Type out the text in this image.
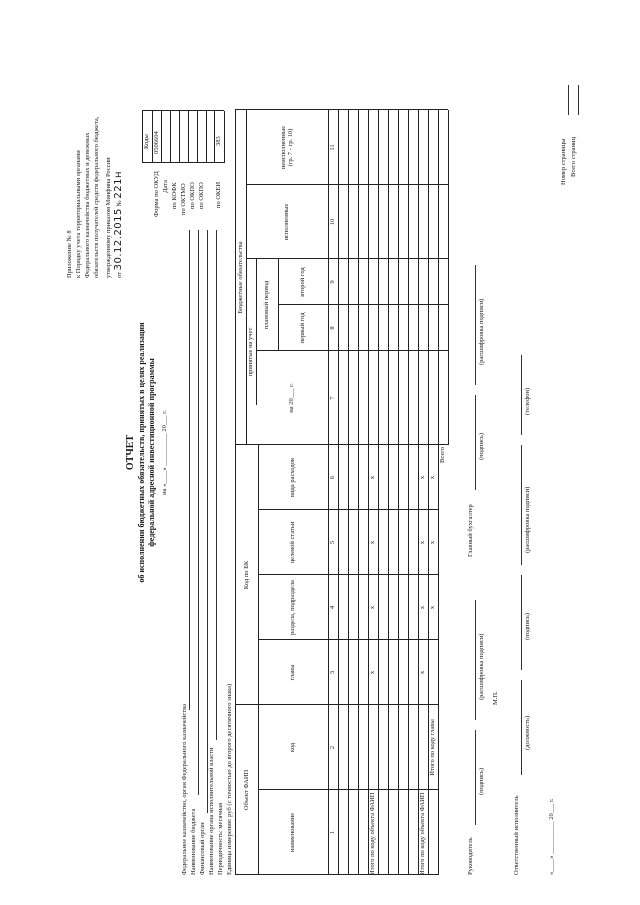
Приложение № 8 к Порядку учета территориальными органами Федерального казначейства бюджетных и денежных обязательств получателей средств федерального бюджета, утвержденному приказом Минфина России от 30.12.2015 № 221н
ОТЧЕТ об исполнении бюджетных обязательств, принятых в целях реализации федеральной адресной инвестиционной программы на «____» __________ 20___ г.
Коды
Форма по ОКУД
0506604
Дата по КОФК по ОКТМО по ОКПО по ОКПО по ОКЕИ
383
Федеральное казначейство, орган Федерального казначейства Наименование бюджета Финансовый орган Наименование органа исполнительной власти Периодичность: месячная Единица измерения: руб (с точностью до второго десятичного знака)	Объект ФАИП
наименование
код
Код по БК
главы
раздела, подраздела
целевой статьи
вида расходов
Бюджетные обязательства
принятые на учет
на 20___ г.
плановый период	первый год
второй год
исполненные
неисполненные (гр. 7 - гр. 10)
1
2
3
4
5
6
7
8
9
10
11
Итого по коду объекта ФАИП
х
х
х
х
Итого по коду объекта ФАИП
х
х
х
х
Итого по коду главы
х
х
х
Всего
Руководитель
(подпись)
(расшифровка подписи)
Главный бухгалтер
(подпись)
(расшифровка подписи)
М.П.
Ответственный исполнитель
(должность)
(подпись)
(расшифровка подписи)
(телефон)
«____» __________ 20___ г.
Номер страницы Всего страниц
